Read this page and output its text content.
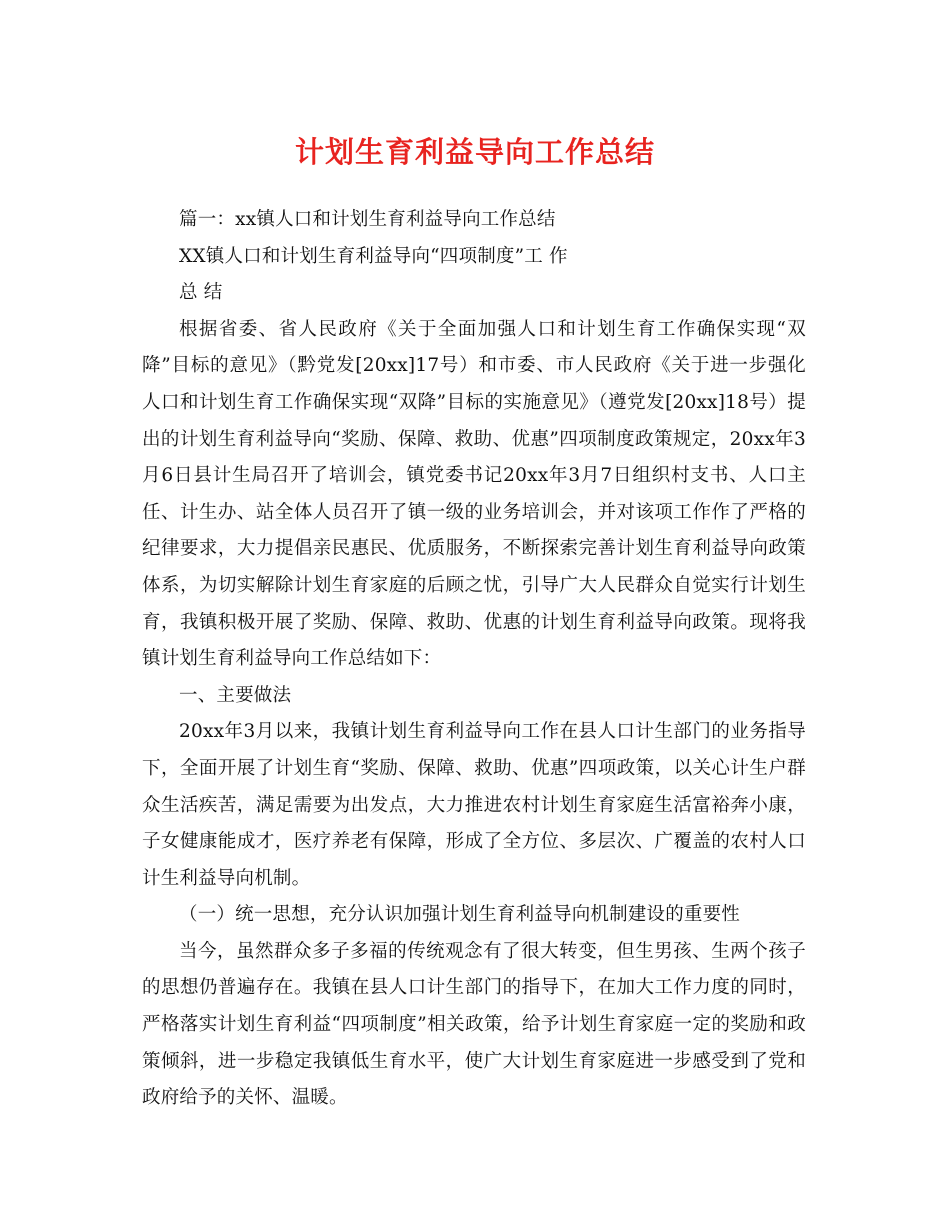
计划生育利益导向工作总结

篇一：xx镇人口和计划生育利益导向工作总结

XX镇人口和计划生育利益导向“四项制度”工 作

总 结

根据省委、省人民政府《关于全面加强人口和计划生育工作确保实现“双降”目标的意见》（黔党发[20xx]17号）和市委、市人民政府《关于进一步强化人口和计划生育工作确保实现“双降”目标的实施意见》（遵党发[20xx]18号）提出的计划生育利益导向“奖励、保障、救助、优惠”四项制度政策规定，20xx年3月6日县计生局召开了培训会，镇党委书记20xx年3月7日组织村支书、人口主任、计生办、站全体人员召开了镇一级的业务培训会，并对该项工作作了严格的纪律要求，大力提倡亲民惠民、优质服务，不断探索完善计划生育利益导向政策体系，为切实解除计划生育家庭的后顾之忧，引导广大人民群众自觉实行计划生育，我镇积极开展了奖励、保障、救助、优惠的计划生育利益导向政策。现将我镇计划生育利益导向工作总结如下：

一、主要做法

20xx年3月以来，我镇计划生育利益导向工作在县人口计生部门的业务指导下，全面开展了计划生育“奖励、保障、救助、优惠”四项政策，以关心计生户群众生活疾苦，满足需要为出发点，大力推进农村计划生育家庭生活富裕奔小康，子女健康能成才，医疗养老有保障，形成了全方位、多层次、广覆盖的农村人口计生利益导向机制。

（一）统一思想，充分认识加强计划生育利益导向机制建设的重要性

当今，虽然群众多子多福的传统观念有了很大转变，但生男孩、生两个孩子的思想仍普遍存在。我镇在县人口计生部门的指导下，在加大工作力度的同时，严格落实计划生育利益“四项制度”相关政策，给予计划生育家庭一定的奖励和政策倾斜，进一步稳定我镇低生育水平，使广大计划生育家庭进一步感受到了党和政府给予的关怀、温暖。
